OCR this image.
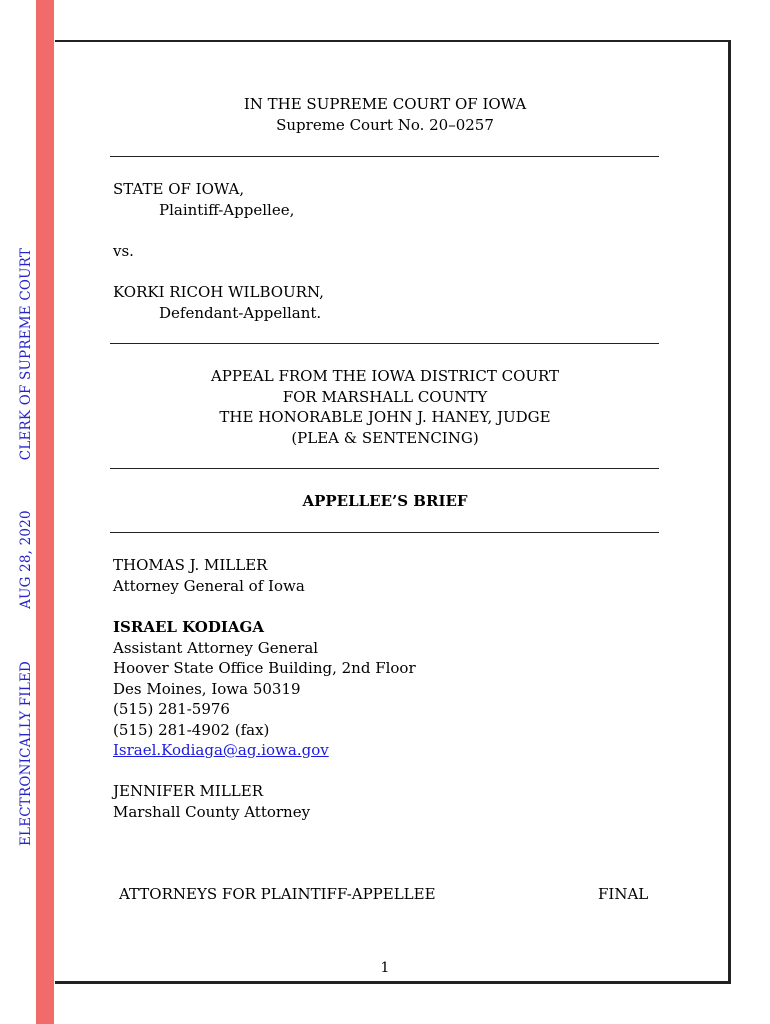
ELECTRONICALLY FILEDAUG 28, 2020CLERK OF SUPREME COURT
IN THE SUPREME COURT OF IOWA
Supreme Court No. 20–0257
STATE OF IOWA,
Plaintiff-Appellee,
vs.
KORKI RICOH WILBOURN,
Defendant-Appellant.
APPEAL FROM THE IOWA DISTRICT COURT
FOR MARSHALL COUNTY
THE HONORABLE JOHN J. HANEY, JUDGE
(PLEA & SENTENCING)
APPELLEE’S BRIEF
THOMAS J. MILLER
Attorney General of Iowa
ISRAEL KODIAGA
Assistant Attorney General
Hoover State Office Building, 2nd Floor
Des Moines, Iowa 50319
(515) 281-5976
(515) 281-4902 (fax)
Israel.Kodiaga@ag.iowa.gov
JENNIFER MILLER
Marshall County Attorney
ATTORNEYS FOR PLAINTIFF-APPELLEE	FINAL
1
